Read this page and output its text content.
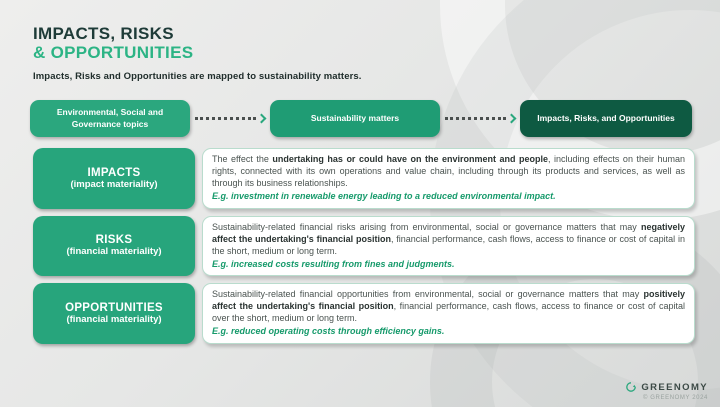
IMPACTS, RISKS
& OPPORTUNITIES

Impacts, Risks and Opportunities are mapped to sustainability matters.

Environmental, Social and Governance topics
Sustainability matters	Impacts, Risks, and Opportunities
IMPACTS
(impact materiality)

The effect the undertaking has or could have on the environment and people, including effects on their human rights, connected with its own operations and value chain, including through its products and services, as well as through its business relationships.

E.g. investment in renewable energy leading to a reduced environmental impact.

RISKS
(financial materiality)

Sustainability-related financial risks arising from environmental, social or governance matters that may negatively affect the undertaking's financial position, financial performance, cash flows, access to finance or cost of capital in the short, medium or long term.

E.g. increased costs resulting from fines and judgments.

OPPORTUNITIES
(financial materiality)

Sustainability-related financial opportunities from environmental, social or governance matters that may positively affect the undertaking's financial position, financial performance, cash flows, access to finance or cost of capital over the short, medium or long term.

E.g. reduced operating costs through efficiency gains.

GREENOMY
© GREENOMY 2024
